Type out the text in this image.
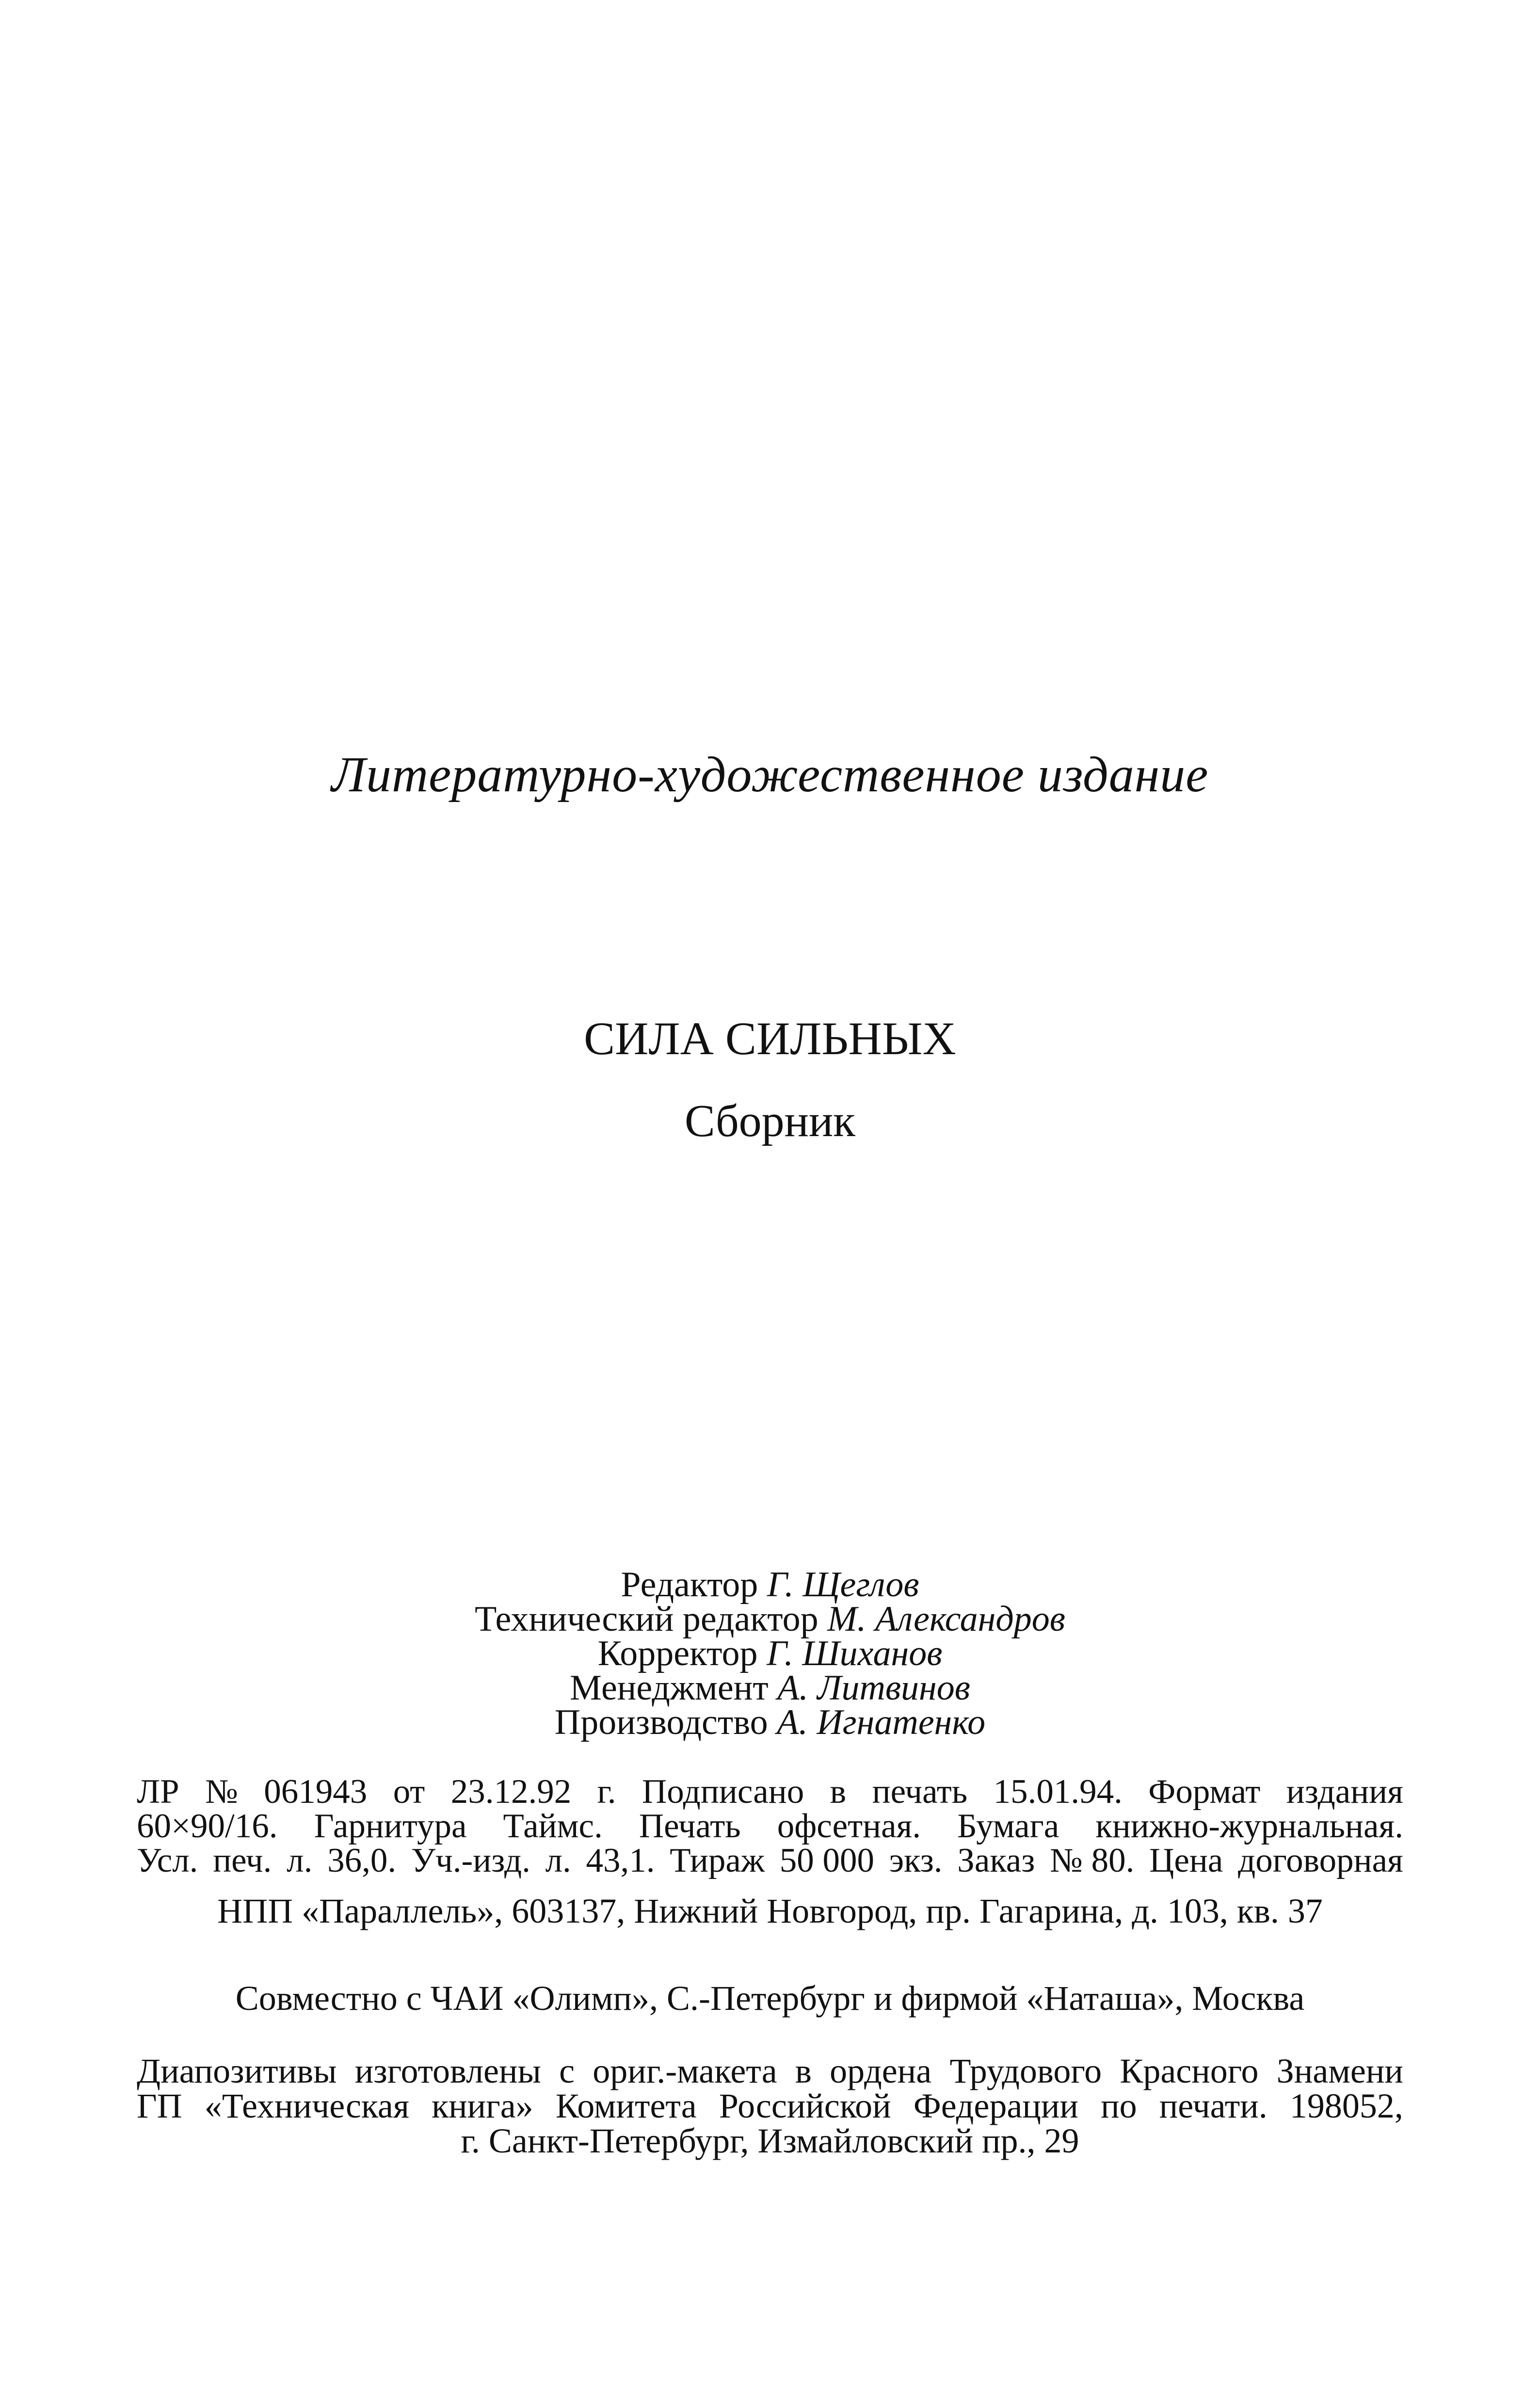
Литературно-художественное издание
СИЛА СИЛЬНЫХ
Сборник
Редактор Г. Щеглов
Технический редактор М. Александров
Корректор Г. Шиханов
Менеджмент А. Литвинов
Производство А. Игнатенко
ЛР № 061943 от 23.12.92 г. Подписано в печать 15.01.94. Формат издания
60×90/16. Гарнитура Таймс. Печать офсетная. Бумага книжно-журнальная.
Усл. печ. л. 36,0. Уч.-изд. л. 43,1. Тираж 50 000 экз. Заказ № 80. Цена договорная
НПП «Параллель», 603137, Нижний Новгород, пр. Гагарина, д. 103, кв. 37
Совместно с ЧАИ «Олимп», С.-Петербург и фирмой «Наташа», Москва
Диапозитивы изготовлены с ориг.-макета в ордена Трудового Красного Знамени
ГП «Техническая книга» Комитета Российской Федерации по печати. 198052,
г. Санкт-Петербург, Измайловский пр., 29
